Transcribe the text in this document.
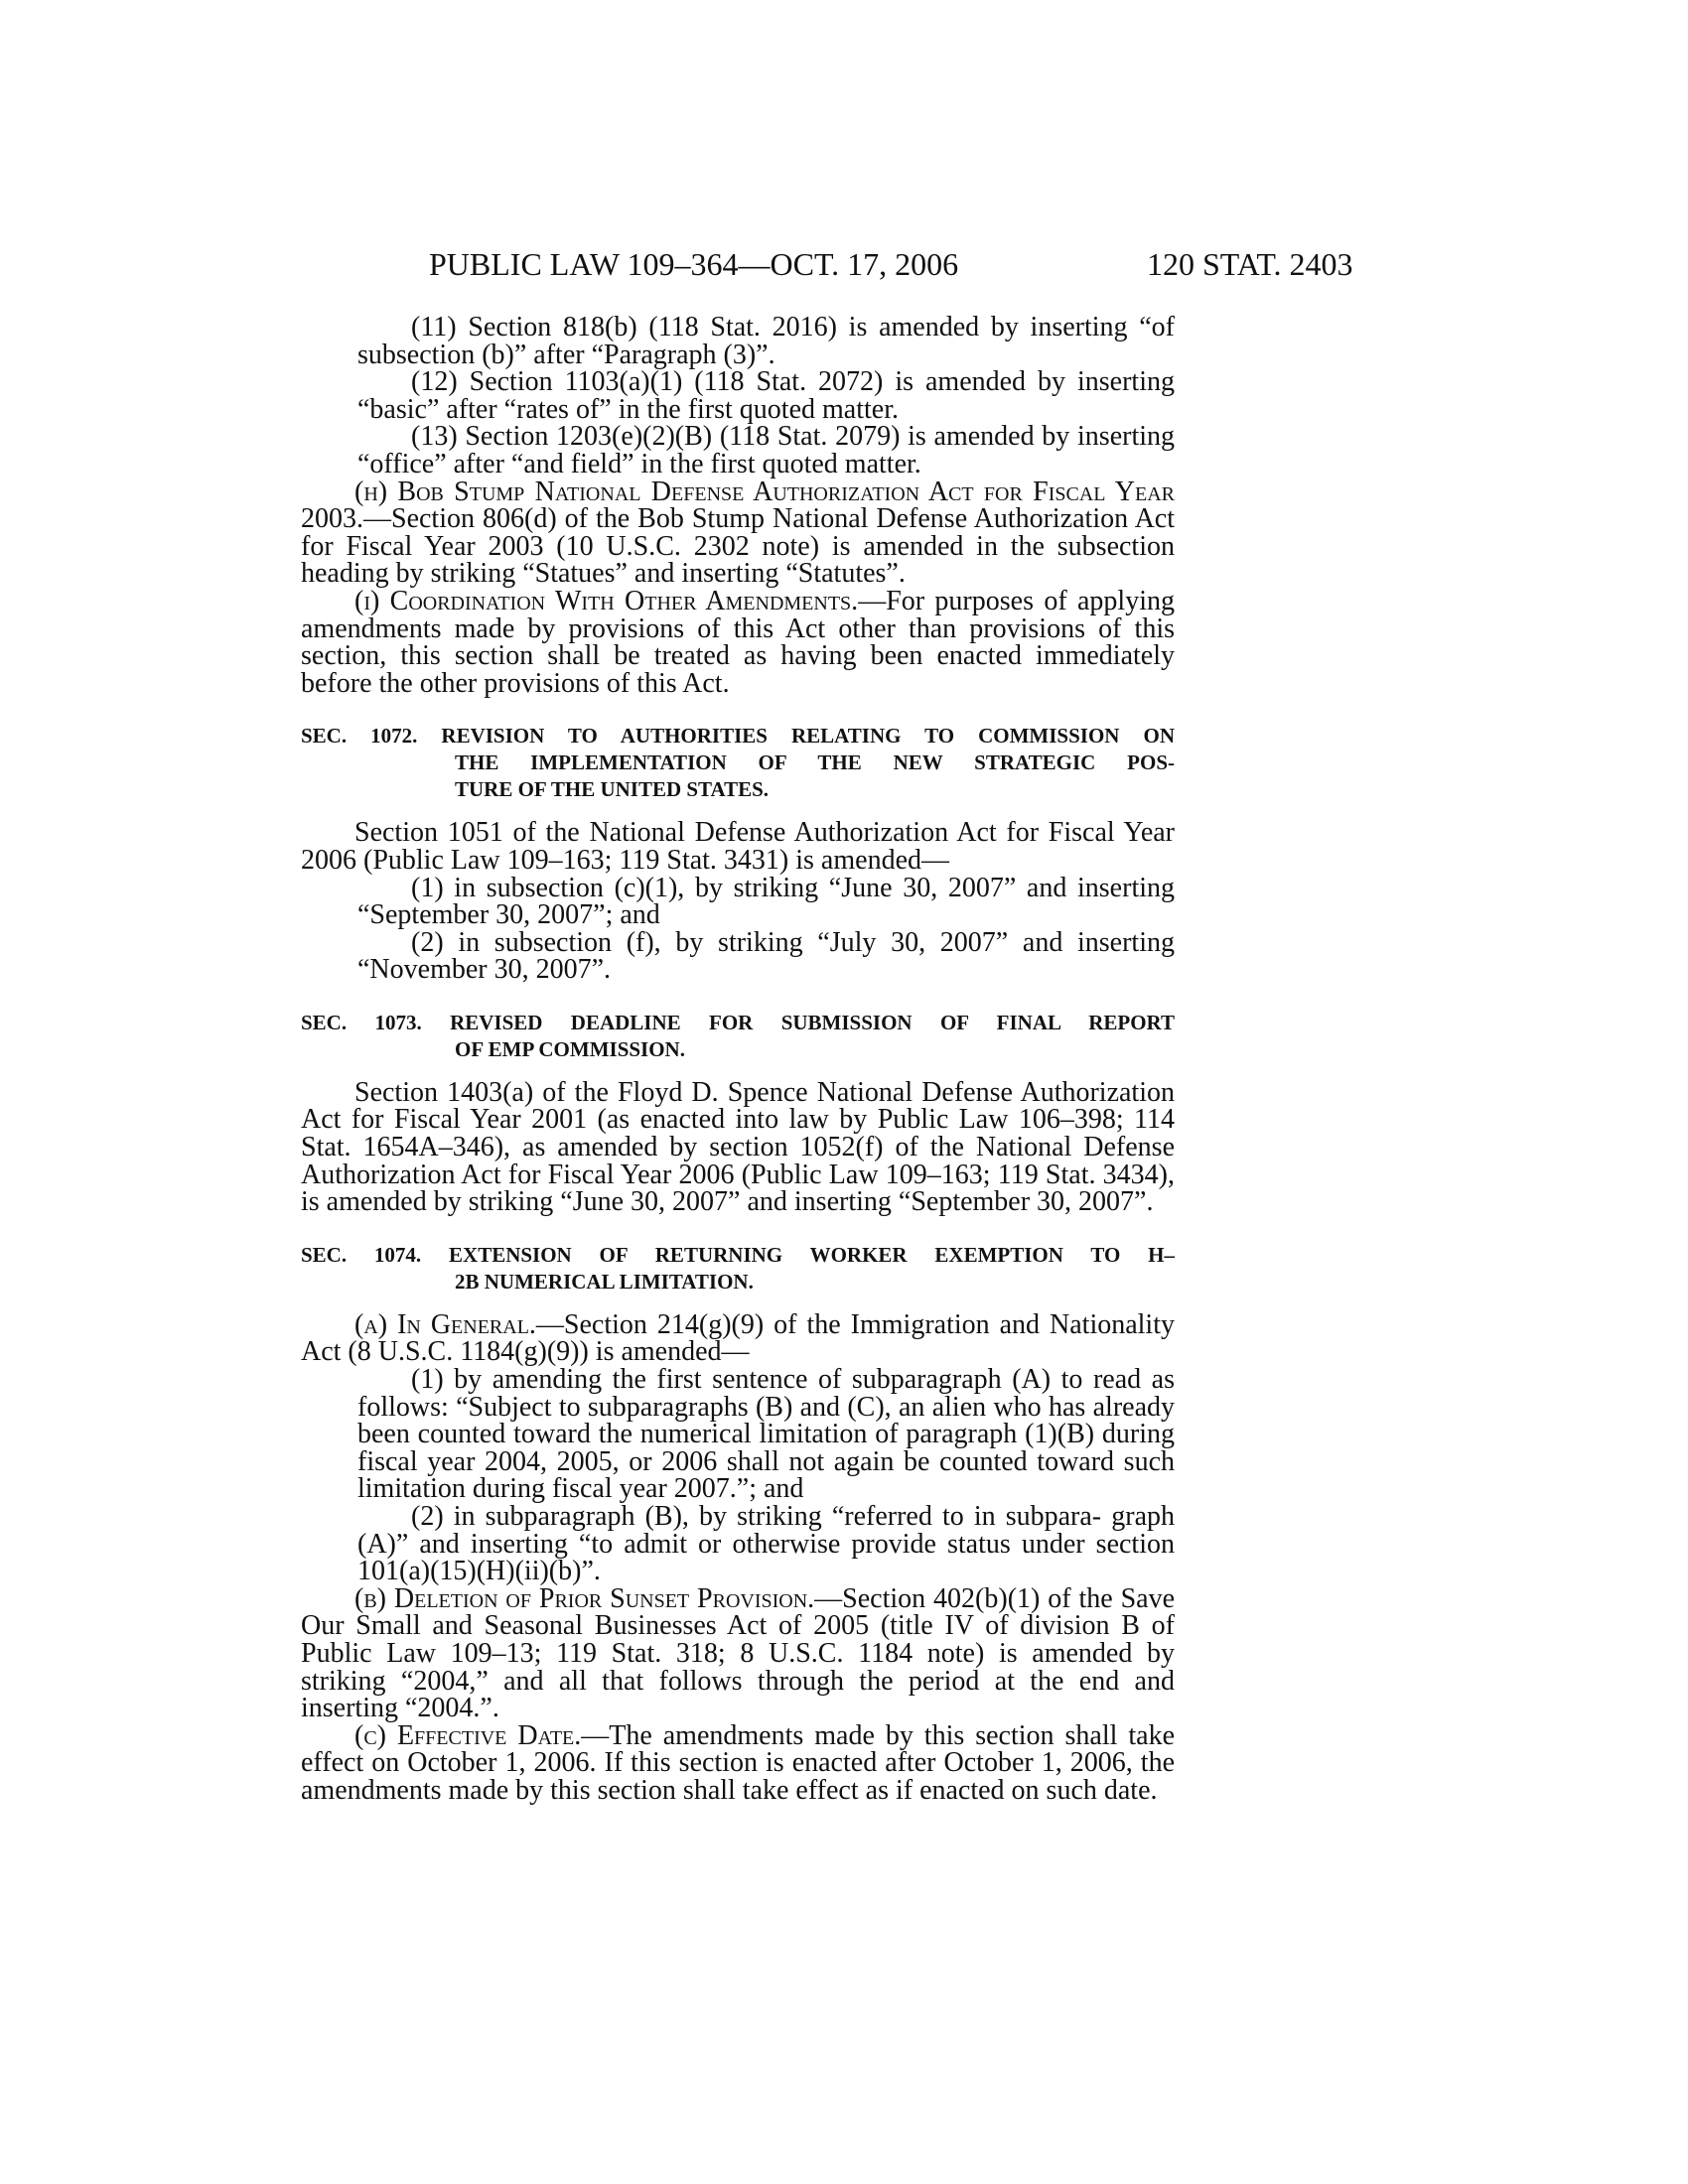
PUBLIC LAW 109–364—OCT. 17, 2006	120 STAT. 2403

(11) Section 818(b) (118 Stat. 2016) is amended by inserting “of subsection (b)” after “Paragraph (3)”.

(12) Section 1103(a)(1) (118 Stat. 2072) is amended by inserting “basic” after “rates of” in the first quoted matter.

(13) Section 1203(e)(2)(B) (118 Stat. 2079) is amended by inserting “office” after “and field” in the first quoted matter.

(h) Bob Stump National Defense Authorization Act for Fiscal Year 2003.—Section 806(d) of the Bob Stump National Defense Authorization Act for Fiscal Year 2003 (10 U.S.C. 2302 note) is amended in the subsection heading by striking “Statues” and inserting “Statutes”.

(i) Coordination With Other Amendments.—For purposes of applying amendments made by provisions of this Act other than provisions of this section, this section shall be treated as having been enacted immediately before the other provisions of this Act.

SEC. 1072. REVISION TO AUTHORITIES RELATING TO COMMISSION ON
THE IMPLEMENTATION OF THE NEW STRATEGIC POS-
TURE OF THE UNITED STATES.

Section 1051 of the National Defense Authorization Act for Fiscal Year 2006 (Public Law 109–163; 119 Stat. 3431) is amended—

(1) in subsection (c)(1), by striking “June 30, 2007” and inserting “September 30, 2007”; and

(2) in subsection (f), by striking “July 30, 2007” and inserting “November 30, 2007”.

SEC. 1073. REVISED DEADLINE FOR SUBMISSION OF FINAL REPORT
OF EMP COMMISSION.

Section 1403(a) of the Floyd D. Spence National Defense Authorization Act for Fiscal Year 2001 (as enacted into law by Public Law 106–398; 114 Stat. 1654A–346), as amended by section 1052(f) of the National Defense Authorization Act for Fiscal Year 2006 (Public Law 109–163; 119 Stat. 3434), is amended by striking “June 30, 2007” and inserting “September 30, 2007”.

SEC. 1074. EXTENSION OF RETURNING WORKER EXEMPTION TO H–
2B NUMERICAL LIMITATION.

(a) In General.—Section 214(g)(9) of the Immigration and Nationality Act (8 U.S.C. 1184(g)(9)) is amended—

(1) by amending the first sentence of subparagraph (A) to read as follows: “Subject to subparagraphs (B) and (C), an alien who has already been counted toward the numerical limitation of paragraph (1)(B) during fiscal year 2004, 2005, or 2006 shall not again be counted toward such limitation during fiscal year 2007.”; and

(2) in subparagraph (B), by striking “referred to in subpara- graph (A)” and inserting “to admit or otherwise provide status under section 101(a)(15)(H)(ii)(b)”.

(b) Deletion of Prior Sunset Provision.—Section 402(b)(1) of the Save Our Small and Seasonal Businesses Act of 2005 (title IV of division B of Public Law 109–13; 119 Stat. 318; 8 U.S.C. 1184 note) is amended by striking “2004,” and all that follows through the period at the end and inserting “2004.”.

(c) Effective Date.—The amendments made by this section shall take effect on October 1, 2006. If this section is enacted after October 1, 2006, the amendments made by this section shall take effect as if enacted on such date.
